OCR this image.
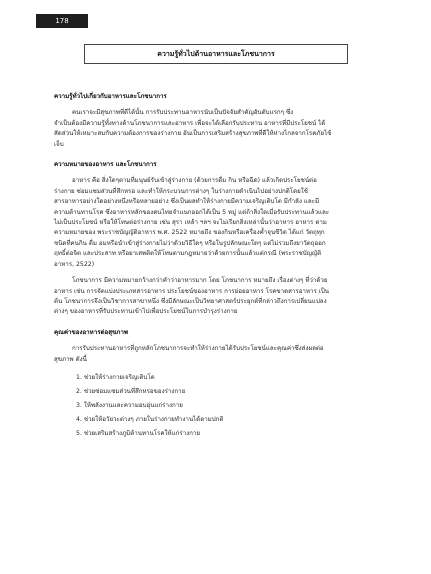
178
ความรู้ทั่วไปด้านอาหารและโภชนาการ

ความรู้ทั่วไปเกี่ยวกับอาหารและโภชนาการ

คนเราจะมีสุขภาพที่ดีได้นั้น การรับประทานอาหารนับเป็นปัจจัยสำคัญอันดับแรกๆ ซึ่ง

จำเป็นต้องมีความรู้ทั้งทางด้านโภชนาการและอาหาร เพื่อจะได้เลือกรับประทาน อาหารที่มีประโยชน์ ได้

สัดส่วนให้เหมาะสมกับความต้องการของร่างกาย อันเป็นการเสริมสร้างสุขภาพที่ดีให้ห่างไกลจากโรคภัยไข้

เจ็บ

ความหมายของอาหาร และโภชนาการ

อาหาร คือ สิ่งใดๆตามที่มนุษย์รับเข้าสู่ร่างกาย (ด้วยการดื่ม กิน หรือฉีด) แล้วเกิดประโยชน์ต่อ

ร่างกาย ซ่อมแซมส่วนที่สึกหรอ และทำให้กระบวนการต่างๆ ในร่างกายดำเนินไปอย่างปกติโดยใช้

สารอาหารอย่างใดอย่างหนึ่งหรือหลายอย่าง ซึ่งเป็นผลทำให้ร่างกายมีความเจริญเติบโต มีกำลัง และมี

ความต้านทานโรค ซึ่งอาหารหลักของคนไทยจำแนกออกได้เป็น 5 หมู่ แต่ถ้าสิ่งใดเมื่อรับประทานแล้วและ

ไม่เป็นประโยชน์ หรือให้โทษต่อร่างกาย เช่น สุรา เหล้า ฯลฯ จะไม่เรียกสิ่งเหล่านั้นว่าอาหาร อาหาร ตาม

ความหมายของ พระราชบัญญัติอาหาร พ.ศ. 2522 หมายถึง ของกินหรือเครื่องค้ำจุนชีวิต ได้แก่ วัตถุทุก

ชนิดที่คนกิน ดื่ม อมหรือนำเข้าสู่ร่างกายไม่ว่าด้วยวิธีใดๆ หรือในรูปลักษณะใดๆ แต่ไม่รวมถึงยาวัตถุออก

ฤทธิ์ต่อจิต และประสาท หรือยาเสพติดให้โทษตามกฎหมายว่าด้วยการนั้นแล้วแต่กรณี (พระราชบัญญัติ

อาหาร, 2522)

โภชนาการ มีความหมายกว้างกว่าคำว่าอาหารมาก โดย โภชนาการ หมายถึง เรื่องต่างๆ ที่ว่าด้วย

อาหาร เช่น การจัดแบ่งประเภทสารอาหาร ประโยชน์ของอาหาร การย่อยอาหาร โรคขาดสารอาหาร เป็น

ต้น โภชนาการจึงเป็นวิชาการสาขาหนึ่ง ซึ่งมีลักษณะเป็นวิทยาศาสตร์ประยุกต์ที่กล่าวถึงการเปลี่ยนแปลง

ต่างๆ ของอาหารที่รับประทานเข้าไปเพื่อประโยชน์ในการบำรุงร่างกาย

คุณค่าของอาหารต่อสุขภาพ

การรับประทานอาหารที่ถูกหลักโภชนาการจะทำให้ร่างกายได้รับประโยชน์และคุณค่าซึ่งส่งผลต่อ

สุขภาพ ดังนี้

1. ช่วยให้ร่างกายเจริญเติบโต
2. ช่วยซ่อมแซมส่วนที่สึกหรอของร่างกาย
3. ให้พลังงานและความอบอุ่นแก่ร่างกาย
4. ช่วยให้อวัยวะต่างๆ ภายในร่างกายทำงานได้ตามปกติ
5. ช่วยเสริมสร้างภูมิต้านทานโรคให้แก่ร่างกาย
